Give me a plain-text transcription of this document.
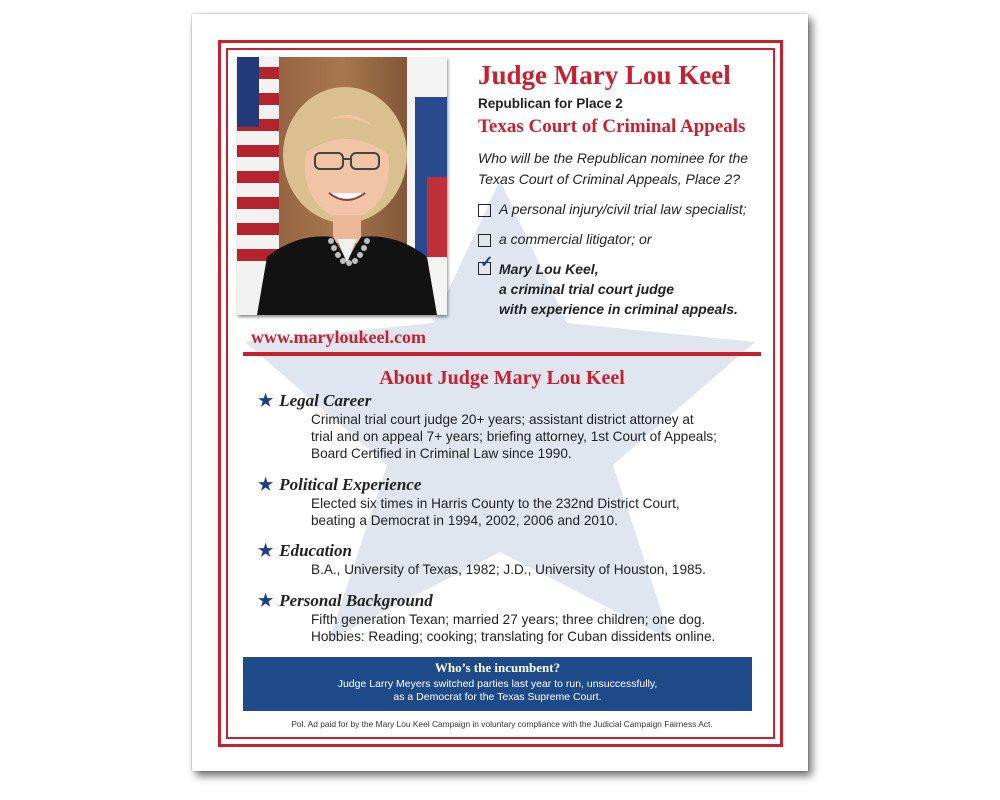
Judge Mary Lou Keel
Republican for Place 2
Texas Court of Criminal Appeals
Who will be the Republican nominee for the Texas Court of Criminal Appeals, Place 2?
A personal injury/civil trial law specialist;
a commercial litigator; or
✓ Mary Lou Keel,
a criminal trial court judge
with experience in criminal appeals.
www.maryloukeel.com
About Judge Mary Lou Keel
★ Legal Career
Criminal trial court judge 20+ years; assistant district attorney at
trial and on appeal 7+ years; briefing attorney, 1st Court of Appeals;
Board Certified in Criminal Law since 1990.
★ Political Experience
Elected six times in Harris County to the 232nd District Court,
beating a Democrat in 1994, 2002, 2006 and 2010.
★ Education
B.A., University of Texas, 1982; J.D., University of Houston, 1985.
★ Personal Background
Fifth generation Texan; married 27 years; three children; one dog.
Hobbies: Reading; cooking; translating for Cuban dissidents online.
Who’s the incumbent?
Judge Larry Meyers switched parties last year to run, unsuccessfully,
as a Democrat for the Texas Supreme Court.
Pol. Ad paid for by the Mary Lou Keel Campaign in voluntary compliance with the Judicial Campaign Fairness Act.
